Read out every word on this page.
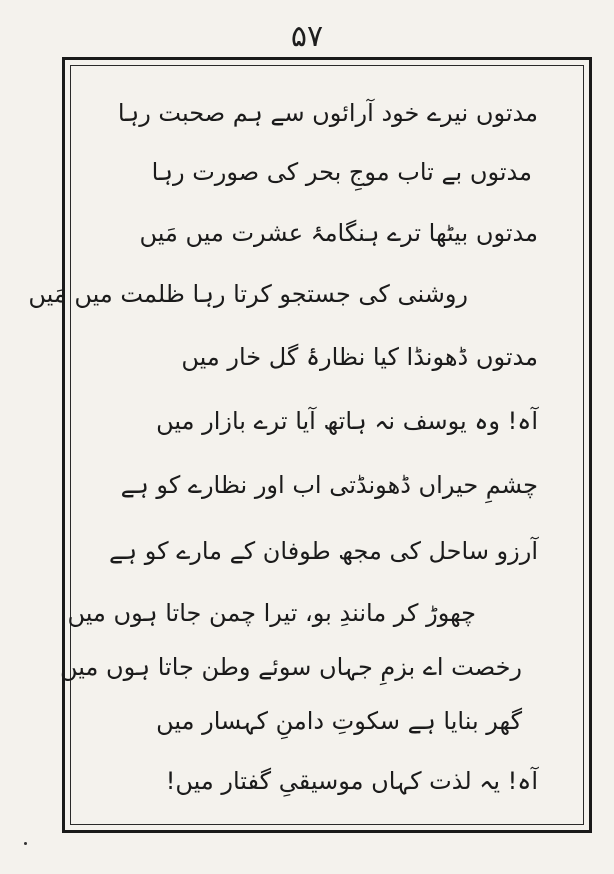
۵۷
مدتوں نیرے خود آرائوں سے ہم صحبت رہا
مدتوں بے تاب موجِ بحر کی صورت رہا
مدتوں بیٹھا ترے ہنگامۂ عشرت میں مَیں
روشنی کی جستجو کرتا رہا ظلمت میں مَیں
مدتوں ڈھونڈا کیا نظارۂ گل خار میں
آہ! وہ یوسف نہ ہاتھ آیا ترے بازار میں
چشمِ حیراں ڈھونڈتی اب اور نظارے کو ہے
آرزو ساحل کی مجھ طوفان کے مارے کو ہے
چھوڑ کر مانندِ بو، تیرا چمن جاتا ہوں میں
رخصت اے بزمِ جہاں سوئے وطن جاتا ہوں میں
گھر بنایا ہے سکوتِ دامنِ کہسار میں
آہ! یہ لذت کہاں موسیقیِ گفتار میں!
